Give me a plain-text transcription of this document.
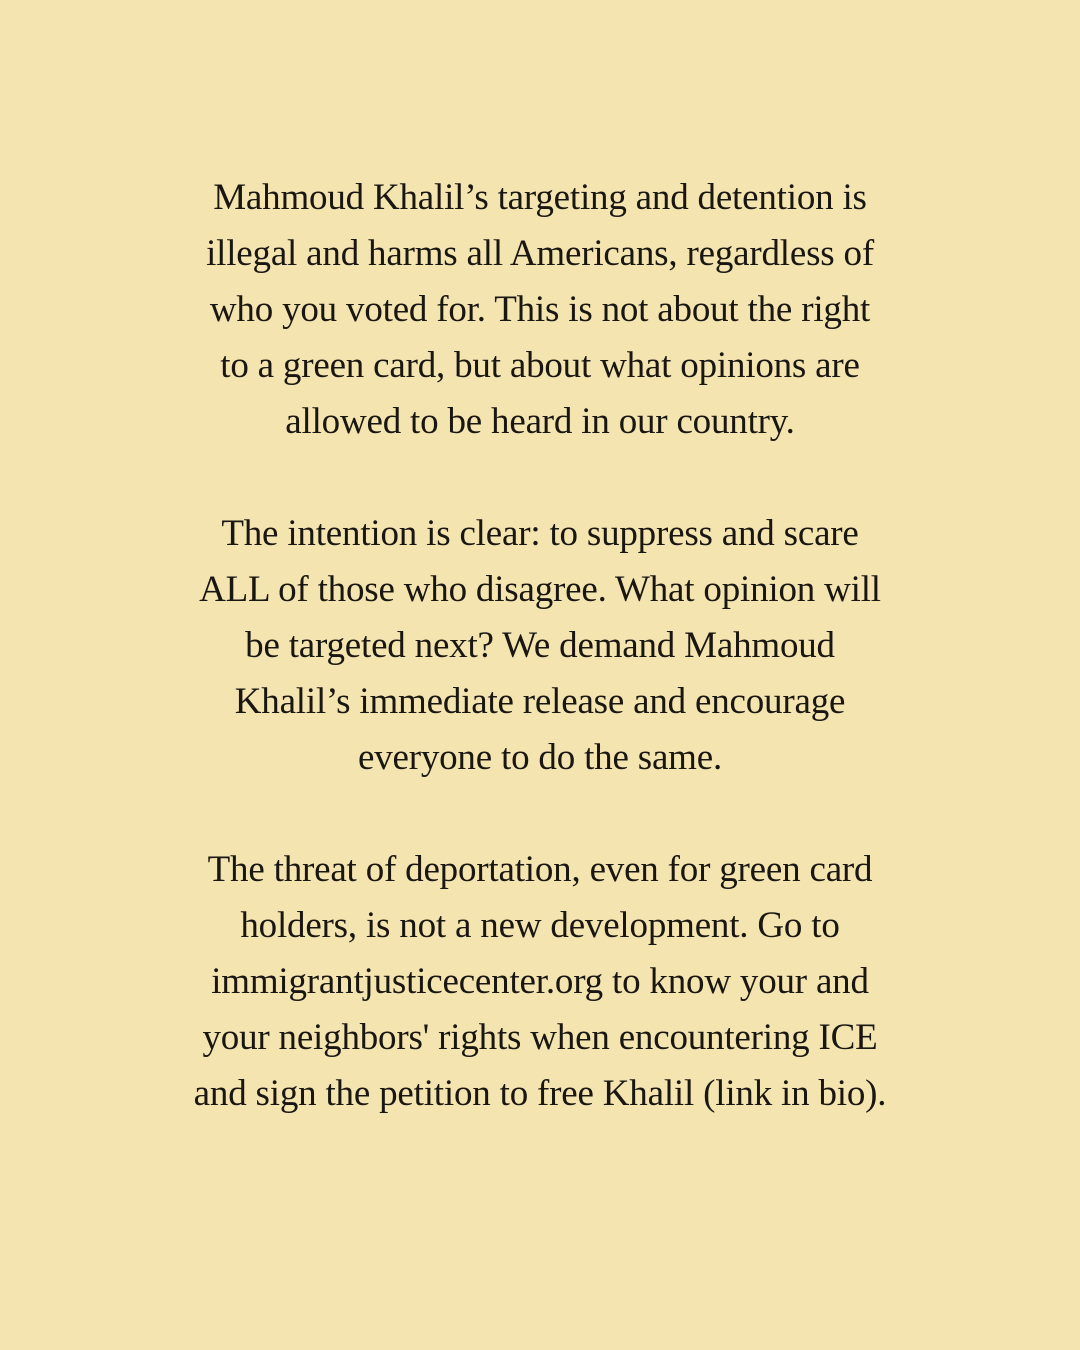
Mahmoud Khalil’s targeting and detention is
illegal and harms all Americans, regardless of
who you voted for. This is not about the right
to a green card, but about what opinions are
allowed to be heard in our country.

The intention is clear: to suppress and scare
ALL of those who disagree. What opinion will
be targeted next? We demand Mahmoud
Khalil’s immediate release and encourage
everyone to do the same.

The threat of deportation, even for green card
holders, is not a new development. Go to
immigrantjusticecenter.org to know your and
your neighbors' rights when encountering ICE
and sign the petition to free Khalil (link in bio).
